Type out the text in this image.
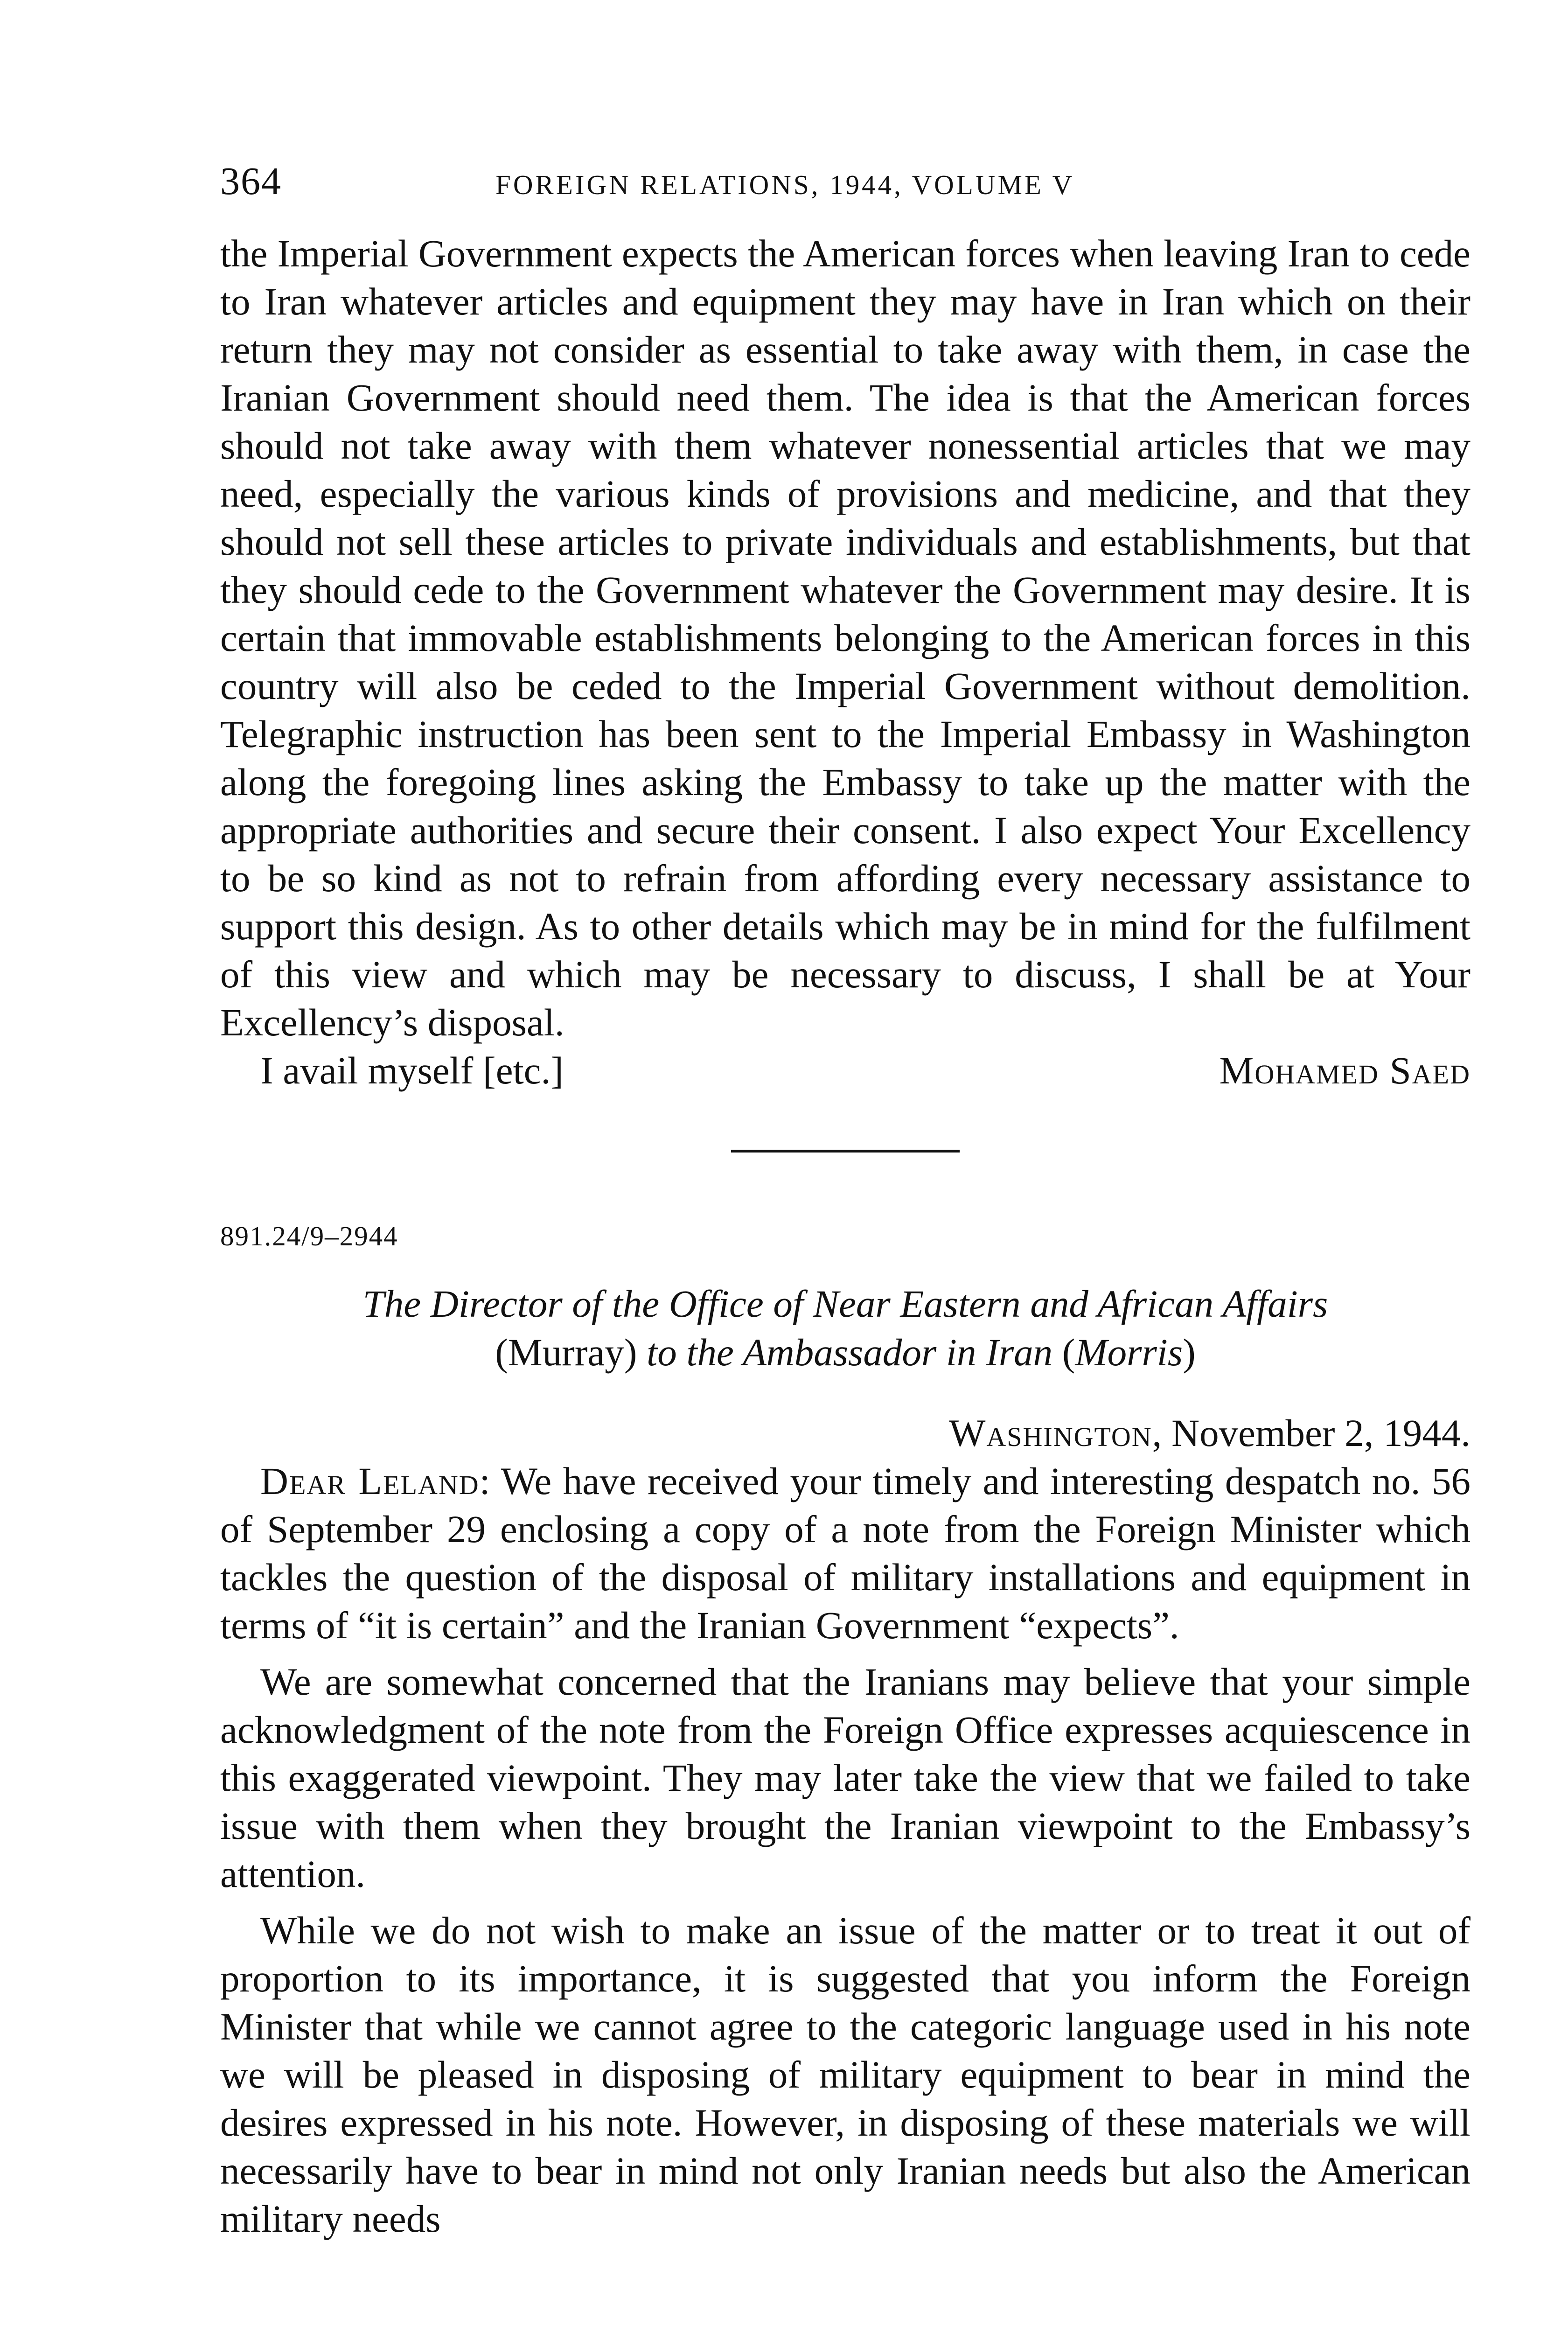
364	FOREIGN RELATIONS, 1944, VOLUME V

the Imperial Government expects the American forces when leaving Iran to cede to Iran whatever articles and equipment they may have in Iran which on their return they may not consider as essential to take away with them, in case the Iranian Government should need them. The idea is that the American forces should not take away with them whatever nonessential articles that we may need, especially the various kinds of provisions and medicine, and that they should not sell these articles to private individuals and establishments, but that they should cede to the Government whatever the Government may desire. It is certain that immovable establishments belonging to the American forces in this country will also be ceded to the Imperial Government without demolition. Telegraphic instruction has been sent to the Imperial Embassy in Washington along the foregoing lines asking the Embassy to take up the matter with the appropriate authorities and secure their consent. I also expect Your Excellency to be so kind as not to refrain from affording every necessary assistance to support this design. As to other details which may be in mind for the fulfilment of this view and which may be necessary to discuss, I shall be at Your Excellency’s disposal.

I avail myself [etc.]	Mohamed Saed
891.24/9–2944
The Director of the Office of Near Eastern and African Affairs
(Murray) to the Ambassador in Iran (Morris)
Washington, November 2, 1944.

Dear Leland: We have received your timely and interesting despatch no. 56 of September 29 enclosing a copy of a note from the Foreign Minister which tackles the question of the disposal of military installations and equipment in terms of “it is certain” and the Iranian Government “expects”.

We are somewhat concerned that the Iranians may believe that your simple acknowledgment of the note from the Foreign Office expresses acquiescence in this exaggerated viewpoint. They may later take the view that we failed to take issue with them when they brought the Iranian viewpoint to the Embassy’s attention.

While we do not wish to make an issue of the matter or to treat it out of proportion to its importance, it is suggested that you inform the Foreign Minister that while we cannot agree to the categoric language used in his note we will be pleased in disposing of military equipment to bear in mind the desires expressed in his note. However, in disposing of these materials we will necessarily have to bear in mind not only Iranian needs but also the American military needs
